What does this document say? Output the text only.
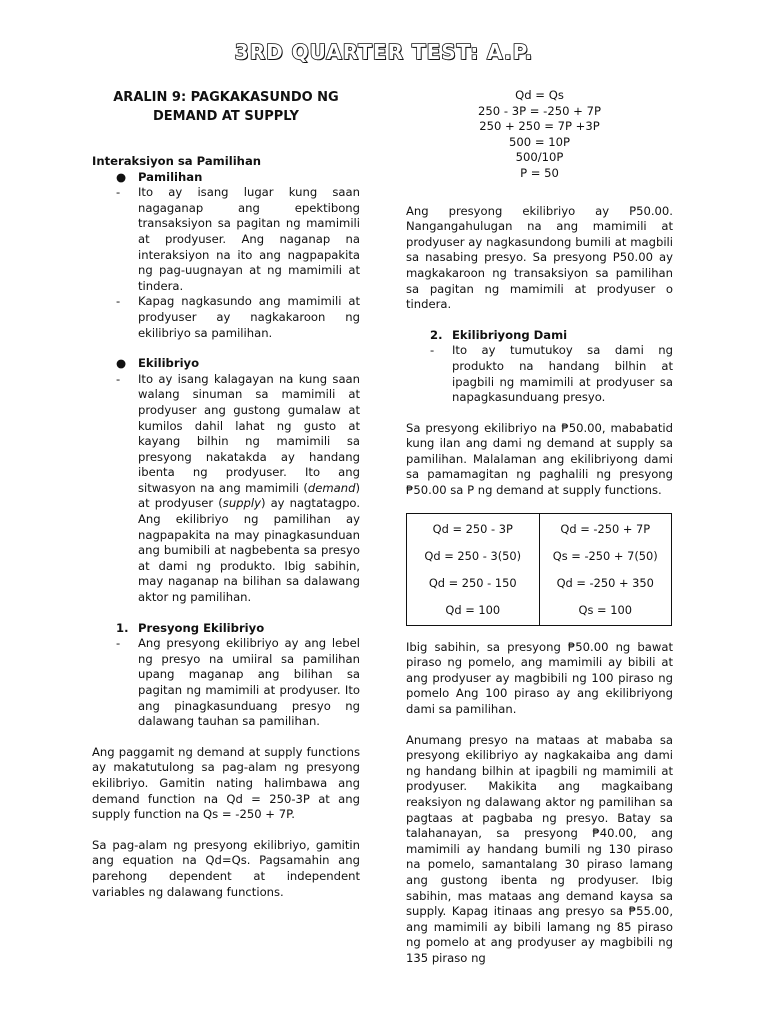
3RD QUARTER TEST: A.P.
ARALIN 9: PAGKAKASUNDO NG DEMAND AT SUPPLY

Interaksiyon sa Pamilihan

●	Pamilihan
-	Ito ay isang lugar kung saan nagaganap ang epektibong transaksiyon sa pagitan ng mamimili at prodyuser. Ang naganap na interaksiyon na ito ang nagpapakita ng pag-uugnayan at ng mamimili at tindera.
-	Kapag nagkasundo ang mamimili at prodyuser ay nagkakaroon ng ekilibriyo sa pamilihan.
●	Ekilibriyo
-	Ito ay isang kalagayan na kung saan walang sinuman sa mamimili at prodyuser ang gustong gumalaw at kumilos dahil lahat ng gusto at kayang bilhin ng mamimili sa presyong nakatakda ay handang ibenta ng prodyuser. Ito ang sitwasyon na ang mamimili (demand) at prodyuser (supply) ay nagtatagpo. Ang ekilibriyo ng pamilihan ay nagpapakita na may pinagkasunduan ang bumibili at nagbebenta sa presyo at dami ng produkto. Ibig sabihin, may naganap na bilihan sa dalawang aktor ng pamilihan.
1. Presyong Ekilibriyo
-	Ang presyong ekilibriyo ay ang lebel ng presyo na umiiral sa pamilihan upang maganap ang bilihan sa pagitan ng mamimili at prodyuser. Ito ang pinagkasunduang presyo ng dalawang tauhan sa pamilihan.

Ang paggamit ng demand at supply functions ay makatutulong sa pag-alam ng presyong ekilibriyo. Gamitin nating halimbawa ang demand function na Qd = 250-3P at ang supply function na Qs = -250 + 7P.

Sa pag-alam ng presyong ekilibriyo, gamitin ang equation na Qd=Qs. Pagsamahin ang parehong dependent at independent variables ng dalawang functions.

Qd = Qs
250 - 3P = -250 + 7P
250 + 250 = 7P +3P
500 = 10P
500/10P
P = 50

Ang presyong ekilibriyo ay P50.00. Nangangahulugan na ang mamimili at prodyuser ay nagkasundong bumili at magbili sa nasabing presyo. Sa presyong P50.00 ay magkakaroon ng transaksiyon sa pamilihan sa pagitan ng mamimili at prodyuser o tindera.

2. Ekilibriyong Dami
-	Ito ay tumutukoy sa dami ng produkto na handang bilhin at ipagbili ng mamimili at prodyuser sa napagkasunduang presyo.

Sa presyong ekilibriyo na ₱50.00, mababatid kung ilan ang dami ng demand at supply sa pamilihan. Malalaman ang ekilibriyong dami sa pamamagitan ng paghalili ng presyong ₱50.00 sa P ng demand at supply functions.

Qd = 250 - 3P	Qd = -250 + 7P
Qd = 250 - 3(50)	Qs = -250 + 7(50)
Qd = 250 - 150	Qd = -250 + 350
Qd = 100	Qs = 100

Ibig sabihin, sa presyong ₱50.00 ng bawat piraso ng pomelo, ang mamimili ay bibili at ang prodyuser ay magbibili ng 100 piraso ng pomelo Ang 100 piraso ay ang ekilibriyong dami sa pamilihan.

Anumang presyo na mataas at mababa sa presyong ekilibriyo ay nagkakaiba ang dami ng handang bilhin at ipagbili ng mamimili at prodyuser. Makikita ang magkaibang reaksiyon ng dalawang aktor ng pamilihan sa pagtaas at pagbaba ng presyo. Batay sa talahanayan, sa presyong ₱40.00, ang mamimili ay handang bumili ng 130 piraso na pomelo, samantalang 30 piraso lamang ang gustong ibenta ng prodyuser. Ibig sabihin, mas mataas ang demand kaysa sa supply. Kapag itinaas ang presyo sa ₱55.00, ang mamimili ay bibili lamang ng 85 piraso ng pomelo at ang prodyuser ay magbibili ng 135 piraso ng
